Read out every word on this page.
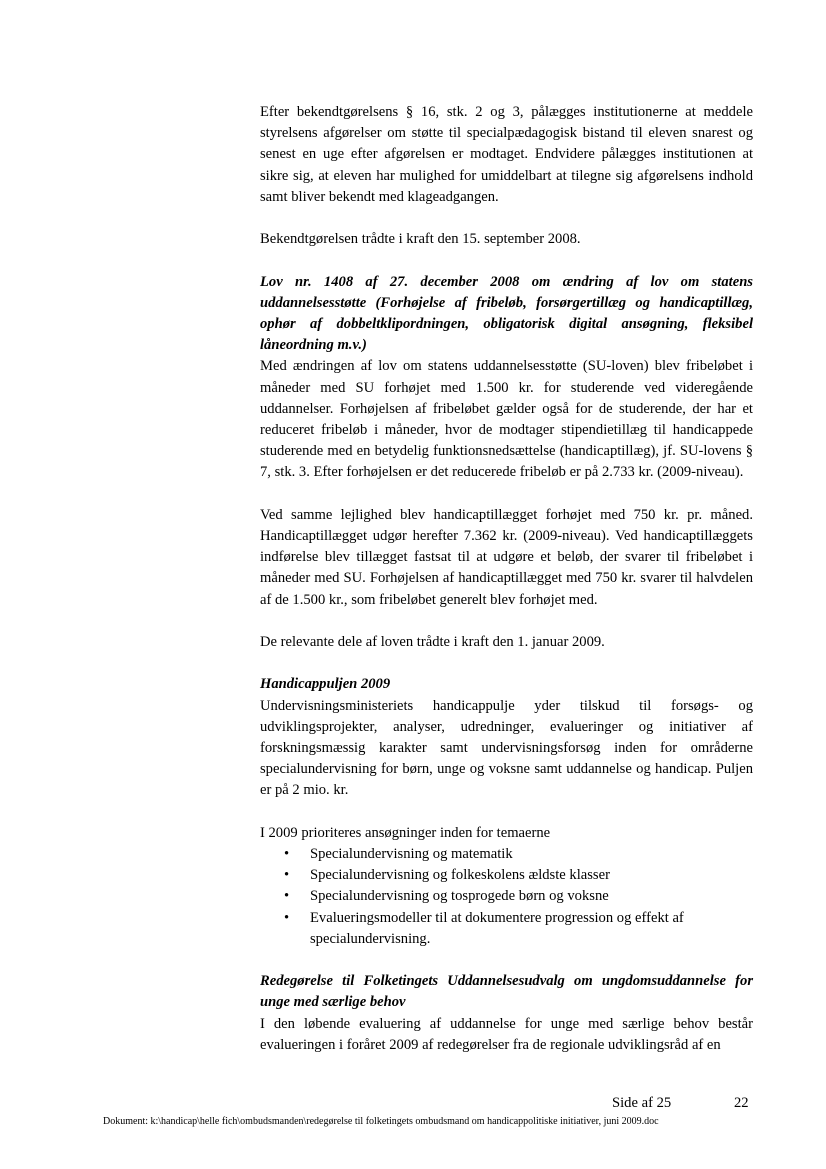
Efter bekendtgørelsens § 16, stk. 2 og 3, pålægges institutionerne at meddele styrelsens afgørelser om støtte til specialpædagogisk bistand til eleven snarest og senest en uge efter afgørelsen er modtaget. Endvidere pålægges institutionen at sikre sig, at eleven har mulighed for umiddelbart at tilegne sig afgørelsens indhold samt bliver bekendt med klageadgangen.

Bekendtgørelsen trådte i kraft den 15. september 2008.

Lov nr. 1408 af 27. december 2008 om ændring af lov om statens uddannelsesstøtte (Forhøjelse af fribeløb, forsørgertillæg og handicaptillæg, ophør af dobbeltklipordningen, obligatorisk digital ansøgning, fleksibel låneordning m.v.)

Med ændringen af lov om statens uddannelsesstøtte (SU-loven) blev fribeløbet i måneder med SU forhøjet med 1.500 kr. for studerende ved videregående uddannelser. Forhøjelsen af fribeløbet gælder også for de studerende, der har et reduceret fribeløb i måneder, hvor de modtager stipendietillæg til handicappede studerende med en betydelig funktionsnedsættelse (handicaptillæg), jf. SU-lovens § 7, stk. 3. Efter forhøjelsen er det reducerede fribeløb er på 2.733 kr. (2009-niveau).

Ved samme lejlighed blev handicaptillægget forhøjet med 750 kr. pr. måned. Handicaptillægget udgør herefter 7.362 kr. (2009-niveau). Ved handicaptillæggets indførelse blev tillægget fastsat til at udgøre et beløb, der svarer til fribeløbet i måneder med SU. Forhøjelsen af handicaptillægget med 750 kr. svarer til halvdelen af de 1.500 kr., som fribeløbet generelt blev forhøjet med.

De relevante dele af loven trådte i kraft den 1. januar 2009.

Handicappuljen 2009

Undervisningsministeriets handicappulje yder tilskud til forsøgs- og udviklingsprojekter, analyser, udredninger, evalueringer og initiativer af forskningsmæssig karakter samt undervisningsforsøg inden for områderne specialundervisning for børn, unge og voksne samt uddannelse og handicap. Puljen er på 2 mio. kr.

I 2009 prioriteres ansøgninger inden for temaerne

• Specialundervisning og matematik
• Specialundervisning og folkeskolens ældste klasser
• Specialundervisning og tosprogede børn og voksne
• Evalueringsmodeller til at dokumentere progression og effekt af specialundervisning.

Redegørelse til Folketingets Uddannelsesudvalg om ungdomsuddannelse for unge med særlige behov

I den løbende evaluering af uddannelse for unge med særlige behov består evalueringen i foråret 2009 af redegørelser fra de regionale udviklingsråd af en

Side af 25	22
Dokument: k:\handicap\helle fich\ombudsmanden\redegørelse til folketingets ombudsmand om handicappolitiske initiativer, juni 2009.doc
